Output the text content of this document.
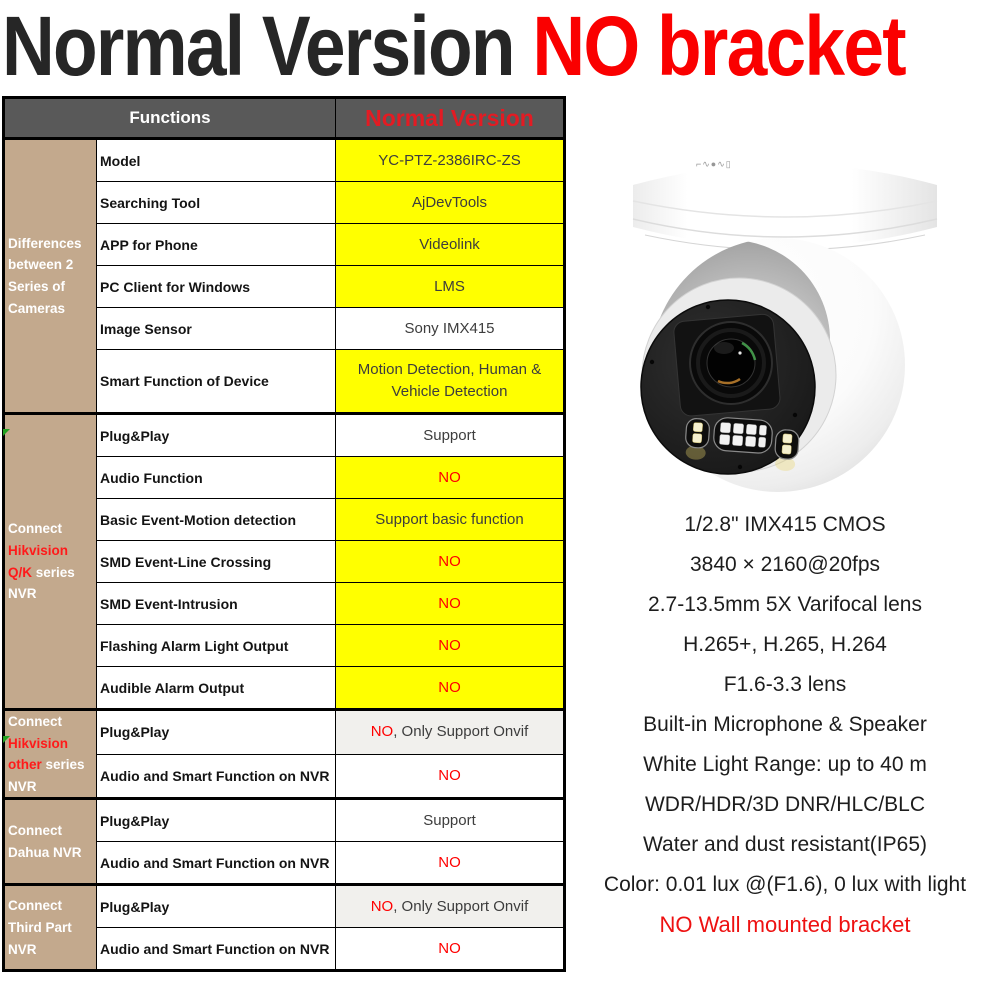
Normal Version NO bracket
Functions		Normal Version
Differences between 2 Series of Cameras	Model	YC-PTZ-2386IRC-ZS
	Searching Tool	AjDevTools
	APP for Phone	Videolink
	PC Client for Windows	LMS
	Image Sensor	Sony IMX415
	Smart Function of Device	Motion Detection, Human & Vehicle Detection
Connect Hikvision Q/K series NVR	Plug&Play	Support
	Audio Function	NO
	Basic Event-Motion detection	Support basic function
	SMD Event-Line Crossing	NO
	SMD Event-Intrusion	NO
	Flashing Alarm Light Output	NO
	Audible Alarm Output	NO
Connect Hikvision other series NVR	Plug&Play	NO, Only Support Onvif
	Audio and Smart Function on NVR	NO
Connect Dahua NVR	Plug&Play	Support
	Audio and Smart Function on NVR	NO
Connect Third Part NVR	Plug&Play	NO, Only Support Onvif
	Audio and Smart Function on NVR	NO
⌐∿●∿▯
1/2.8" IMX415 CMOS
3840 × 2160@20fps
2.7-13.5mm 5X Varifocal lens
H.265+, H.265, H.264
F1.6-3.3 lens
Built-in Microphone & Speaker
White Light Range: up to 40 m
WDR/HDR/3D DNR/HLC/BLC
Water and dust resistant(IP65)
Color: 0.01 lux @(F1.6), 0 lux with light
NO Wall mounted bracket
